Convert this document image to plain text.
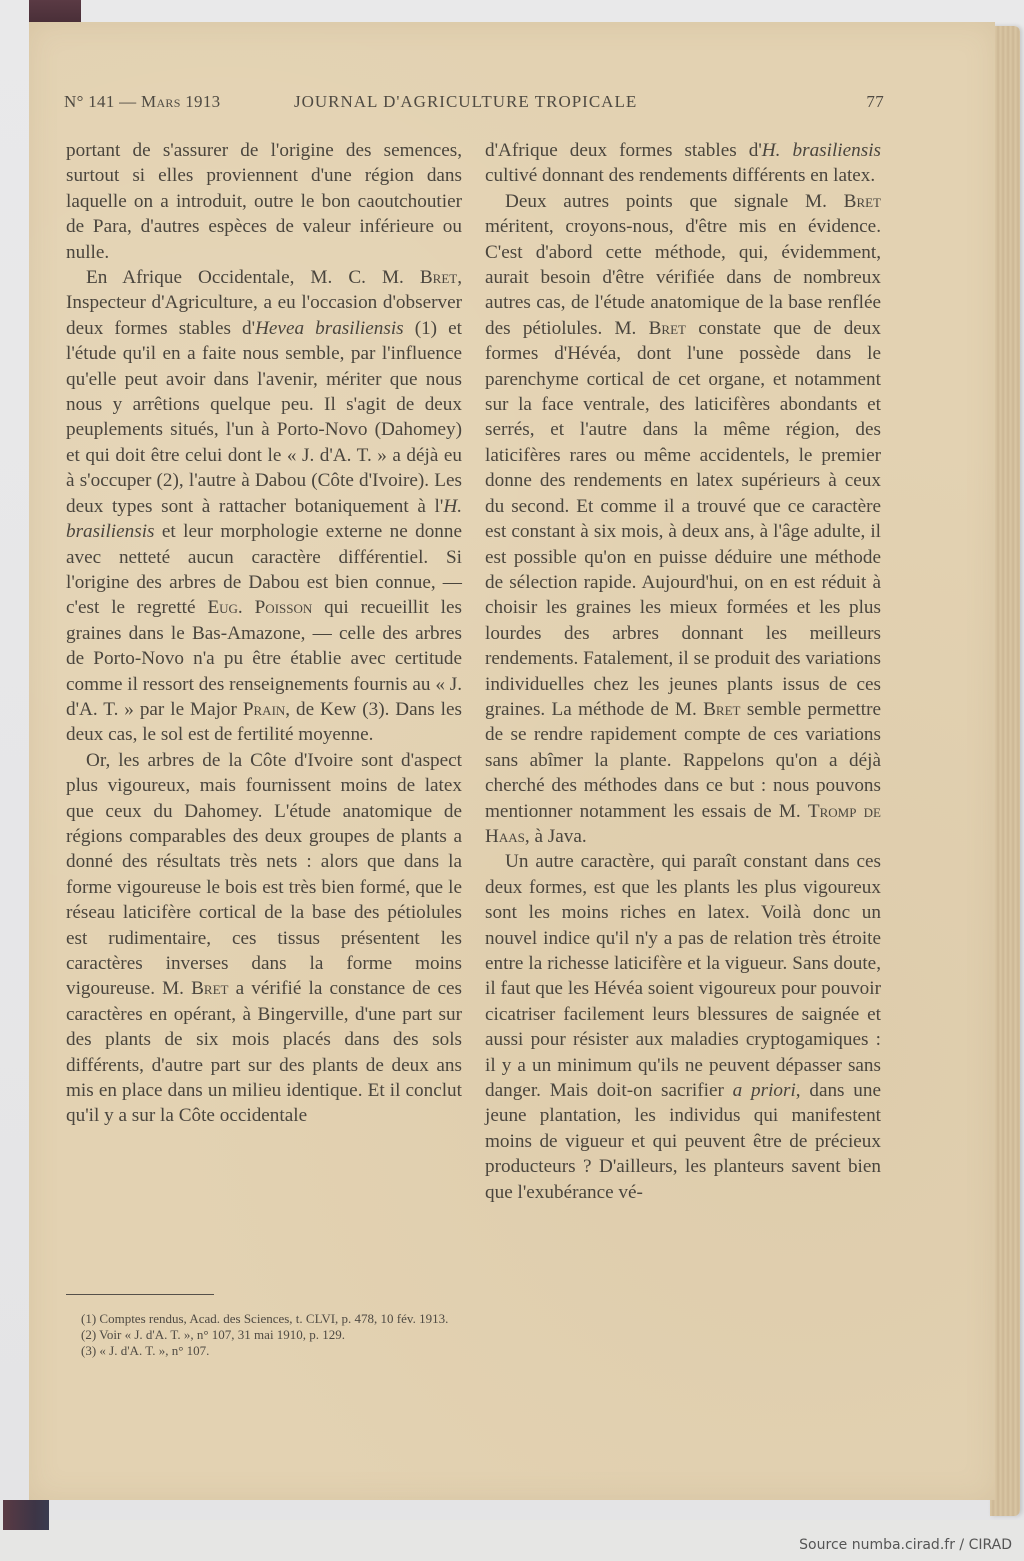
N° 141 — Mars 1913	JOURNAL D'AGRICULTURE TROPICALE	77

portant de s'assurer de l'origine des semences, surtout si elles proviennent d'une région dans laquelle on a introduit, outre le bon caoutchoutier de Para, d'autres espèces de valeur inférieure ou nulle.

En Afrique Occidentale, M. C. M. Bret, Inspecteur d'Agriculture, a eu l'occasion d'observer deux formes stables d'Hevea brasiliensis (1) et l'étude qu'il en a faite nous semble, par l'influence qu'elle peut avoir dans l'avenir, mériter que nous nous y arrêtions quelque peu. Il s'agit de deux peuplements situés, l'un à Porto-Novo (Dahomey) et qui doit être celui dont le « J. d'A. T. » a déjà eu à s'occuper (2), l'autre à Dabou (Côte d'Ivoire). Les deux types sont à rattacher botaniquement à l'H. brasiliensis et leur morphologie externe ne donne avec netteté aucun caractère différentiel. Si l'origine des arbres de Dabou est bien connue, — c'est le regretté Eug. Poisson qui recueillit les graines dans le Bas-Amazone, — celle des arbres de Porto-Novo n'a pu être établie avec certitude comme il ressort des renseignements fournis au « J. d'A. T. » par le Major Prain, de Kew (3). Dans les deux cas, le sol est de fertilité moyenne.

Or, les arbres de la Côte d'Ivoire sont d'aspect plus vigoureux, mais fournissent moins de latex que ceux du Dahomey. L'étude anatomique de régions comparables des deux groupes de plants a donné des résultats très nets : alors que dans la forme vigoureuse le bois est très bien formé, que le réseau laticifère cortical de la base des pétiolules est rudimentaire, ces tissus présentent les caractères inverses dans la forme moins vigoureuse. M. Bret a vérifié la constance de ces caractères en opérant, à Bingerville, d'une part sur des plants de six mois placés dans des sols différents, d'autre part sur des plants de deux ans mis en place dans un milieu identique. Et il conclut qu'il y a sur la Côte occidentale

d'Afrique deux formes stables d'H. brasiliensis cultivé donnant des rendements différents en latex.

Deux autres points que signale M. Bret méritent, croyons-nous, d'être mis en évidence. C'est d'abord cette méthode, qui, évidemment, aurait besoin d'être vérifiée dans de nombreux autres cas, de l'étude anatomique de la base renflée des pétiolules. M. Bret constate que de deux formes d'Hévéa, dont l'une possède dans le parenchyme cortical de cet organe, et notamment sur la face ventrale, des laticifères abondants et serrés, et l'autre dans la même région, des laticifères rares ou même accidentels, le premier donne des rendements en latex supérieurs à ceux du second. Et comme il a trouvé que ce caractère est constant à six mois, à deux ans, à l'âge adulte, il est possible qu'on en puisse déduire une méthode de sélection rapide. Aujourd'hui, on en est réduit à choisir les graines les mieux formées et les plus lourdes des arbres donnant les meilleurs rendements. Fatalement, il se produit des variations individuelles chez les jeunes plants issus de ces graines. La méthode de M. Bret semble permettre de se rendre rapidement compte de ces variations sans abîmer la plante. Rappelons qu'on a déjà cherché des méthodes dans ce but : nous pouvons mentionner notamment les essais de M. Tromp de Haas, à Java.

Un autre caractère, qui paraît constant dans ces deux formes, est que les plants les plus vigoureux sont les moins riches en latex. Voilà donc un nouvel indice qu'il n'y a pas de relation très étroite entre la richesse laticifère et la vigueur. Sans doute, il faut que les Hévéa soient vigoureux pour pouvoir cicatriser facilement leurs blessures de saignée et aussi pour résister aux maladies cryptogamiques : il y a un minimum qu'ils ne peuvent dépasser sans danger. Mais doit-on sacrifier a priori, dans une jeune plantation, les individus qui manifestent moins de vigueur et qui peuvent être de précieux producteurs ? D'ailleurs, les planteurs savent bien que l'exubérance vé-

(1) Comptes rendus, Acad. des Sciences, t. CLVI, p. 478, 10 fév. 1913.

(2) Voir « J. d'A. T. », n° 107, 31 mai 1910, p. 129.

(3) « J. d'A. T. », n° 107.

Source numba.cirad.fr / CIRAD
